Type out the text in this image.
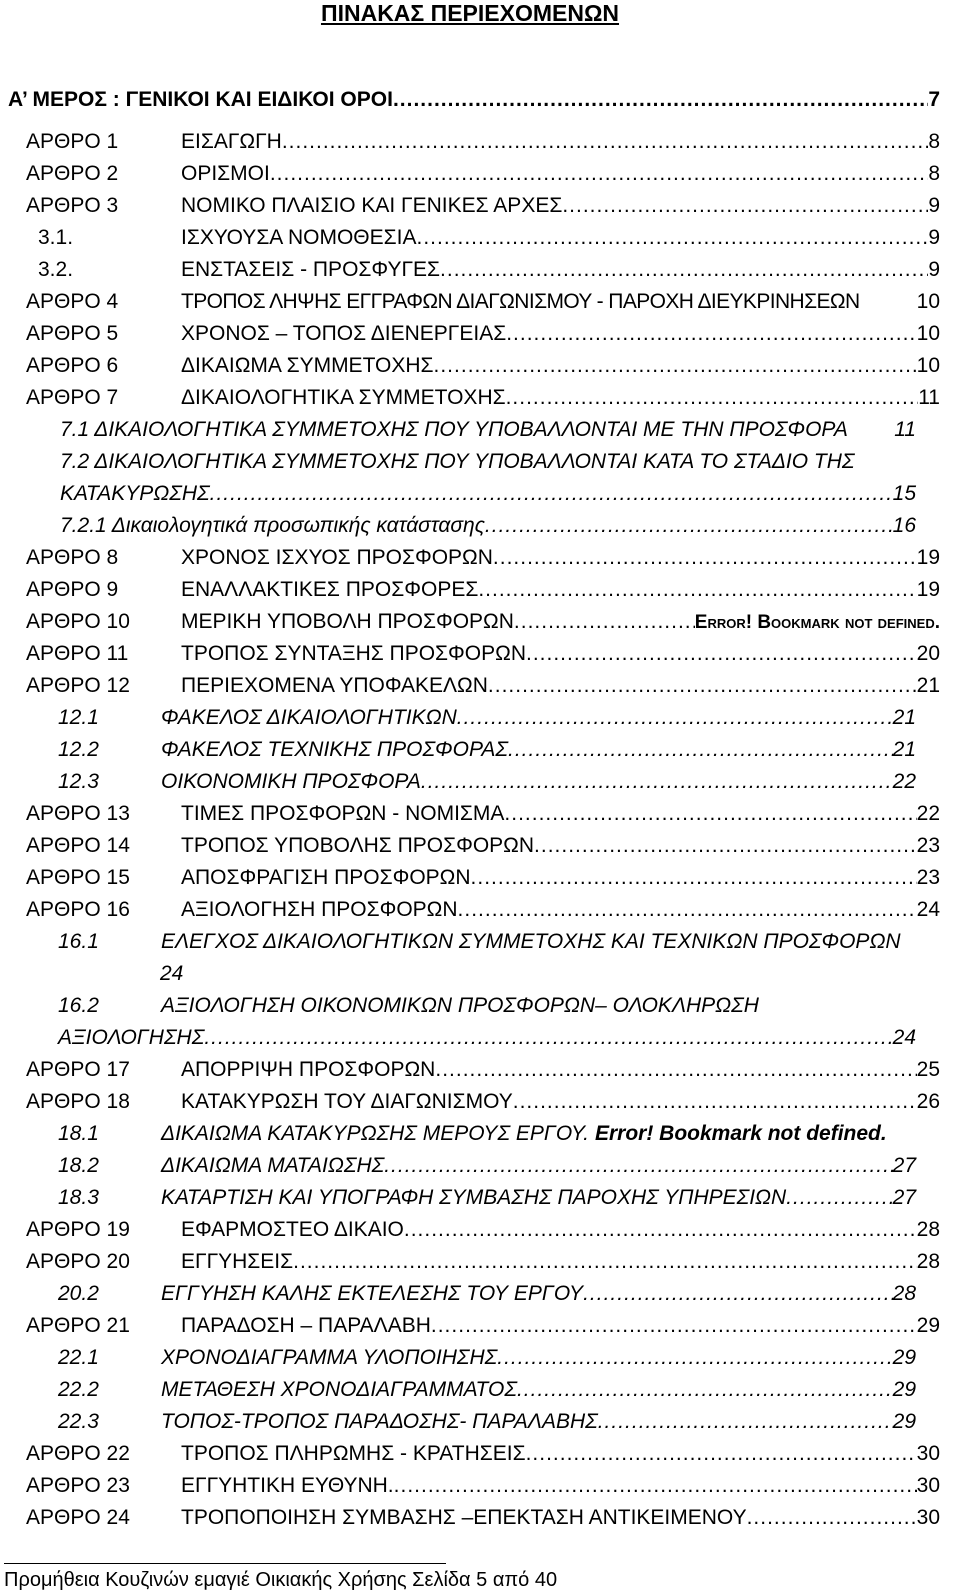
ΠΙΝΑΚΑΣ ΠΕΡΙΕΧΟΜΕΝΩΝ
Α’ ΜΕΡΟΣ : ΓΕΝΙΚΟΙ ΚΑΙ ΕΙΔΙΚΟΙ ΟΡΟΙ .....	7
ΑΡΘΡΟ 1	ΕΙΣΑΓΩΓΗ .....	8
ΑΡΘΡΟ 2	ΟΡΙΣΜΟΙ .....	8
ΑΡΘΡΟ 3	ΝΟΜΙΚΟ ΠΛΑΙΣΙΟ ΚΑΙ ΓΕΝΙΚΕΣ ΑΡΧΕΣ .....	9
3.1.	ΙΣΧΥΟΥΣΑ ΝΟΜΟΘΕΣΙΑ .....	9
3.2.	ΕΝΣΤΑΣΕΙΣ - ΠΡΟΣΦΥΓΕΣ .....	9
ΑΡΘΡΟ 4	ΤΡΟΠΟΣ ΛΗΨΗΣ ΕΓΓΡΑΦΩΝ ΔΙΑΓΩΝΙΣΜΟΥ - ΠΑΡΟΧΗ ΔΙΕΥΚΡΙΝΗΣΕΩΝ	10
ΑΡΘΡΟ 5	ΧΡΟΝΟΣ – ΤΟΠΟΣ ΔΙΕΝΕΡΓΕΙΑΣ .....	10
ΑΡΘΡΟ 6	ΔΙΚΑΙΩΜΑ ΣΥΜΜΕΤΟΧΗΣ .....	10
ΑΡΘΡΟ 7	ΔΙΚΑΙΟΛΟΓΗΤΙΚΑ ΣΥΜΜΕΤΟΧΗΣ .....	11
7.1 ΔΙΚΑΙΟΛΟΓΗΤΙΚΑ ΣΥΜΜΕΤΟΧΗΣ ΠΟΥ ΥΠΟΒΑΛΛΟΝΤΑΙ ΜΕ ΤΗΝ ΠΡΟΣΦΟΡΑ 11
7.2 ΔΙΚΑΙΟΛΟΓΗΤΙΚΑ ΣΥΜΜΕΤΟΧΗΣ ΠΟΥ ΥΠΟΒΑΛΛΟΝΤΑΙ ΚΑΤΑ ΤΟ ΣΤΑΔΙΟ ΤΗΣ
ΚΑΤΑΚΥΡΩΣΗΣ .....	15
7.2.1 Δικαιολογητικά προσωπικής κατάστασης .....	16
ΑΡΘΡΟ 8	ΧΡΟΝΟΣ ΙΣΧΥΟΣ ΠΡΟΣΦΟΡΩΝ .....	19
ΑΡΘΡΟ 9	ΕΝΑΛΛΑΚΤΙΚΕΣ ΠΡΟΣΦΟΡΕΣ .....	19
ΑΡΘΡΟ 10	ΜΕΡΙΚΗ ΥΠΟΒΟΛΗ ΠΡΟΣΦΟΡΩΝ .....	Error! Bookmark not defined.
ΑΡΘΡΟ 11	ΤΡΟΠΟΣ ΣΥΝΤΑΞΗΣ ΠΡΟΣΦΟΡΩΝ .....	20
ΑΡΘΡΟ 12	ΠΕΡΙΕΧΟΜΕΝΑ ΥΠΟΦΑΚΕΛΩΝ .....	21
12.1	ΦΑΚΕΛΟΣ ΔΙΚΑΙΟΛΟΓΗΤΙΚΩΝ .....	21
12.2	ΦΑΚΕΛΟΣ ΤΕΧΝΙΚΗΣ ΠΡΟΣΦΟΡΑΣ .....	21
12.3	ΟΙΚΟΝΟΜΙΚΗ ΠΡΟΣΦΟΡΑ .....	22
ΑΡΘΡΟ 13	ΤΙΜΕΣ ΠΡΟΣΦΟΡΩΝ - ΝΟΜΙΣΜΑ .....	22
ΑΡΘΡΟ 14	ΤΡΟΠΟΣ ΥΠΟΒΟΛΗΣ ΠΡΟΣΦΟΡΩΝ .....	23
ΑΡΘΡΟ 15	ΑΠΟΣΦΡΑΓΙΣΗ ΠΡΟΣΦΟΡΩΝ .....	23
ΑΡΘΡΟ 16	ΑΞΙΟΛΟΓΗΣΗ ΠΡΟΣΦΟΡΩΝ .....	24
16.1	ΕΛΕΓΧΟΣ ΔΙΚΑΙΟΛΟΓΗΤΙΚΩΝ ΣΥΜΜΕΤΟΧΗΣ ΚΑΙ ΤΕΧΝΙΚΩΝ ΠΡΟΣΦΟΡΩΝ
24
16.2	ΑΞΙΟΛΟΓΗΣΗ ΟΙΚΟΝΟΜΙΚΩΝ ΠΡΟΣΦΟΡΩΝ– ΟΛΟΚΛΗΡΩΣΗ
ΑΞΙΟΛΟΓΗΣΗΣ .....	24
ΑΡΘΡΟ 17	ΑΠΟΡΡΙΨΗ ΠΡΟΣΦΟΡΩΝ .....	25
ΑΡΘΡΟ 18	ΚΑΤΑΚΥΡΩΣΗ ΤΟΥ ΔΙΑΓΩΝΙΣΜΟΥ .....	26
18.1	ΔΙΚΑΙΩΜΑ ΚΑΤΑΚΥΡΩΣΗΣ ΜΕΡΟΥΣ ΕΡΓΟΥ. Error! Bookmark not defined.
18.2	ΔΙΚΑΙΩΜΑ ΜΑΤΑΙΩΣΗΣ .....	27
18.3	ΚΑΤΑΡΤΙΣΗ ΚΑΙ ΥΠΟΓΡΑΦΗ ΣΥΜΒΑΣΗΣ ΠΑΡΟΧΗΣ ΥΠΗΡΕΣΙΩΝ .....	27
ΑΡΘΡΟ 19	ΕΦΑΡΜΟΣΤΕΟ ΔΙΚΑΙΟ .....	28
ΑΡΘΡΟ 20	ΕΓΓΥΗΣΕΙΣ .....	28
20.2	ΕΓΓΥΗΣΗ ΚΑΛΗΣ ΕΚΤΕΛΕΣΗΣ ΤΟΥ ΕΡΓΟΥ .....	28
ΑΡΘΡΟ 21	ΠΑΡΑΔΟΣΗ – ΠΑΡΑΛΑΒΗ .....	29
22.1	ΧΡΟΝΟΔΙΑΓΡΑΜΜΑ ΥΛΟΠΟΙΗΣΗΣ .....	29
22.2	ΜΕΤΑΘΕΣΗ ΧΡΟΝΟΔΙΑΓΡΑΜΜΑΤΟΣ .....	29
22.3	ΤΟΠΟΣ-ΤΡΟΠΟΣ ΠΑΡΑΔΟΣΗΣ- ΠΑΡΑΛΑΒΗΣ .....	29
ΑΡΘΡΟ 22	ΤΡΟΠΟΣ ΠΛΗΡΩΜΗΣ - ΚΡΑΤΗΣΕΙΣ .....	30
ΑΡΘΡΟ 23	ΕΓΓΥΗΤΙΚΗ ΕΥΘΥΝΗ. .....	30
ΑΡΘΡΟ 24	ΤΡΟΠΟΠΟΙΗΣΗ ΣΥΜΒΑΣΗΣ –ΕΠΕΚΤΑΣΗ ΑΝΤΙΚΕΙΜΕΝΟΥ .....	30
Προμήθεια Κουζινών εμαγιέ Οικιακής Χρήσης Σελίδα 5 από 40
